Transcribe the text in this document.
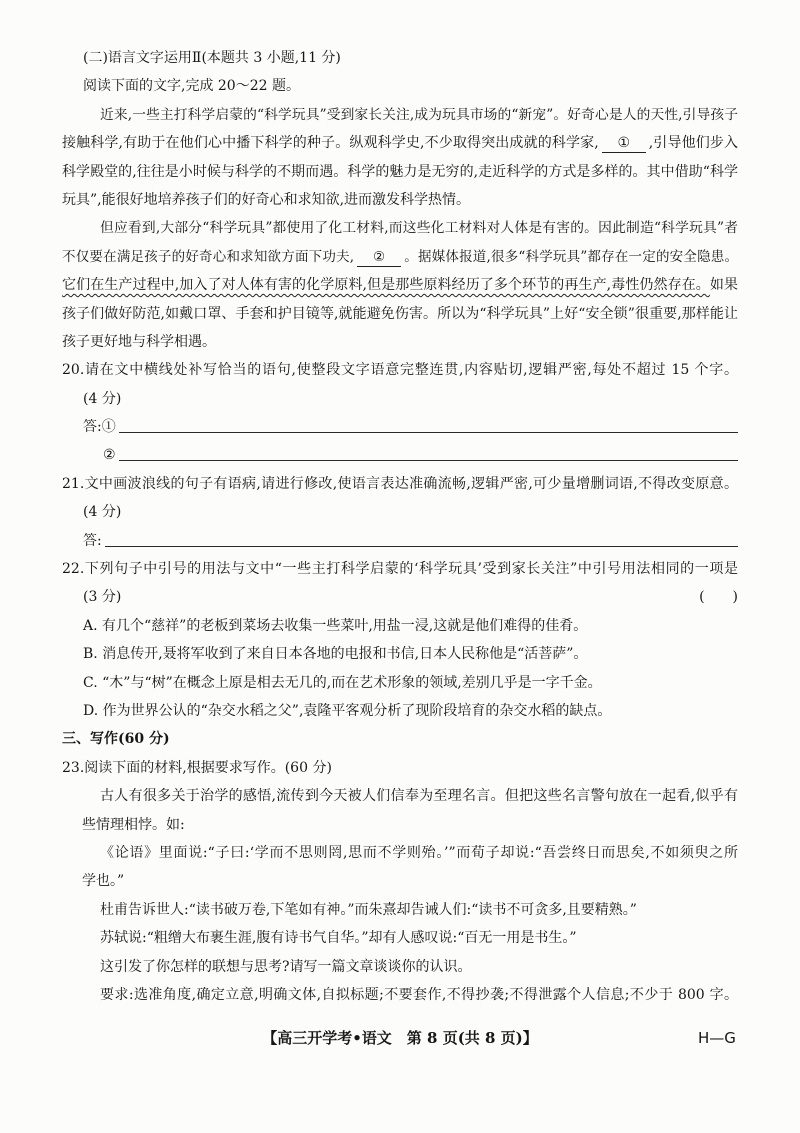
(二)语言文字运用Ⅱ(本题共 3 小题,11 分)
阅读下面的文字,完成 20～22 题。
近来,一些主打科学启蒙的“科学玩具”受到家长关注,成为玩具市场的“新宠”。好奇心是人的天性,引导孩子
接触科学,有助于在他们心中播下科学的种子。纵观科学史,不少取得突出成就的科学家, ① ,引导他们步入
科学殿堂的,往往是小时候与科学的不期而遇。科学的魅力是无穷的,走近科学的方式是多样的。其中借助“科学
玩具”,能很好地培养孩子们的好奇心和求知欲,进而激发科学热情。
但应看到,大部分“科学玩具”都使用了化工材料,而这些化工材料对人体是有害的。因此制造“科学玩具”者
不仅要在满足孩子的好奇心和求知欲方面下功夫, ② 。据媒体报道,很多“科学玩具”都存在一定的安全隐患。
它们在生产过程中,加入了对人体有害的化学原料,但是那些原料经历了多个环节的再生产,毒性仍然存在。如果
孩子们做好防范,如戴口罩、手套和护目镜等,就能避免伤害。所以为“科学玩具”上好“安全锁”很重要,那样能让
孩子更好地与科学相遇。
20.请在文中横线处补写恰当的语句,使整段文字语意完整连贯,内容贴切,逻辑严密,每处不超过 15 个字。
(4 分)
答:①
②
21.文中画波浪线的句子有语病,请进行修改,使语言表达准确流畅,逻辑严密,可少量增删词语,不得改变原意。
(4 分)
答:
22.下列句子中引号的用法与文中“一些主打科学启蒙的‘科学玩具’受到家长关注”中引号用法相同的一项是
(3 分)	(　　)
A. 有几个“慈祥”的老板到菜场去收集一些菜叶,用盐一浸,这就是他们难得的佳肴。
B. 消息传开,聂将军收到了来自日本各地的电报和书信,日本人民称他是“活菩萨”。
C. “木”与“树”在概念上原是相去无几的,而在艺术形象的领域,差别几乎是一字千金。
D. 作为世界公认的“杂交水稻之父”,袁隆平客观分析了现阶段培育的杂交水稻的缺点。
三、写作(60 分)
23.阅读下面的材料,根据要求写作。(60 分)
古人有很多关于治学的感悟,流传到今天被人们信奉为至理名言。但把这些名言警句放在一起看,似乎有
些情理相悖。如:
《论语》里面说:“子曰:‘学而不思则罔,思而不学则殆。’”而荀子却说:“吾尝终日而思矣,不如须臾之所
学也。”
杜甫告诉世人:“读书破万卷,下笔如有神。”而朱熹却告诫人们:“读书不可贪多,且要精熟。”
苏轼说:“粗缯大布裹生涯,腹有诗书气自华。”却有人感叹说:“百无一用是书生。”
这引发了你怎样的联想与思考?请写一篇文章谈谈你的认识。
要求:选准角度,确定立意,明确文体,自拟标题;不要套作,不得抄袭;不得泄露个人信息;不少于 800 字。
【高三开学考•语文　第 8 页(共 8 页)】	H—G
